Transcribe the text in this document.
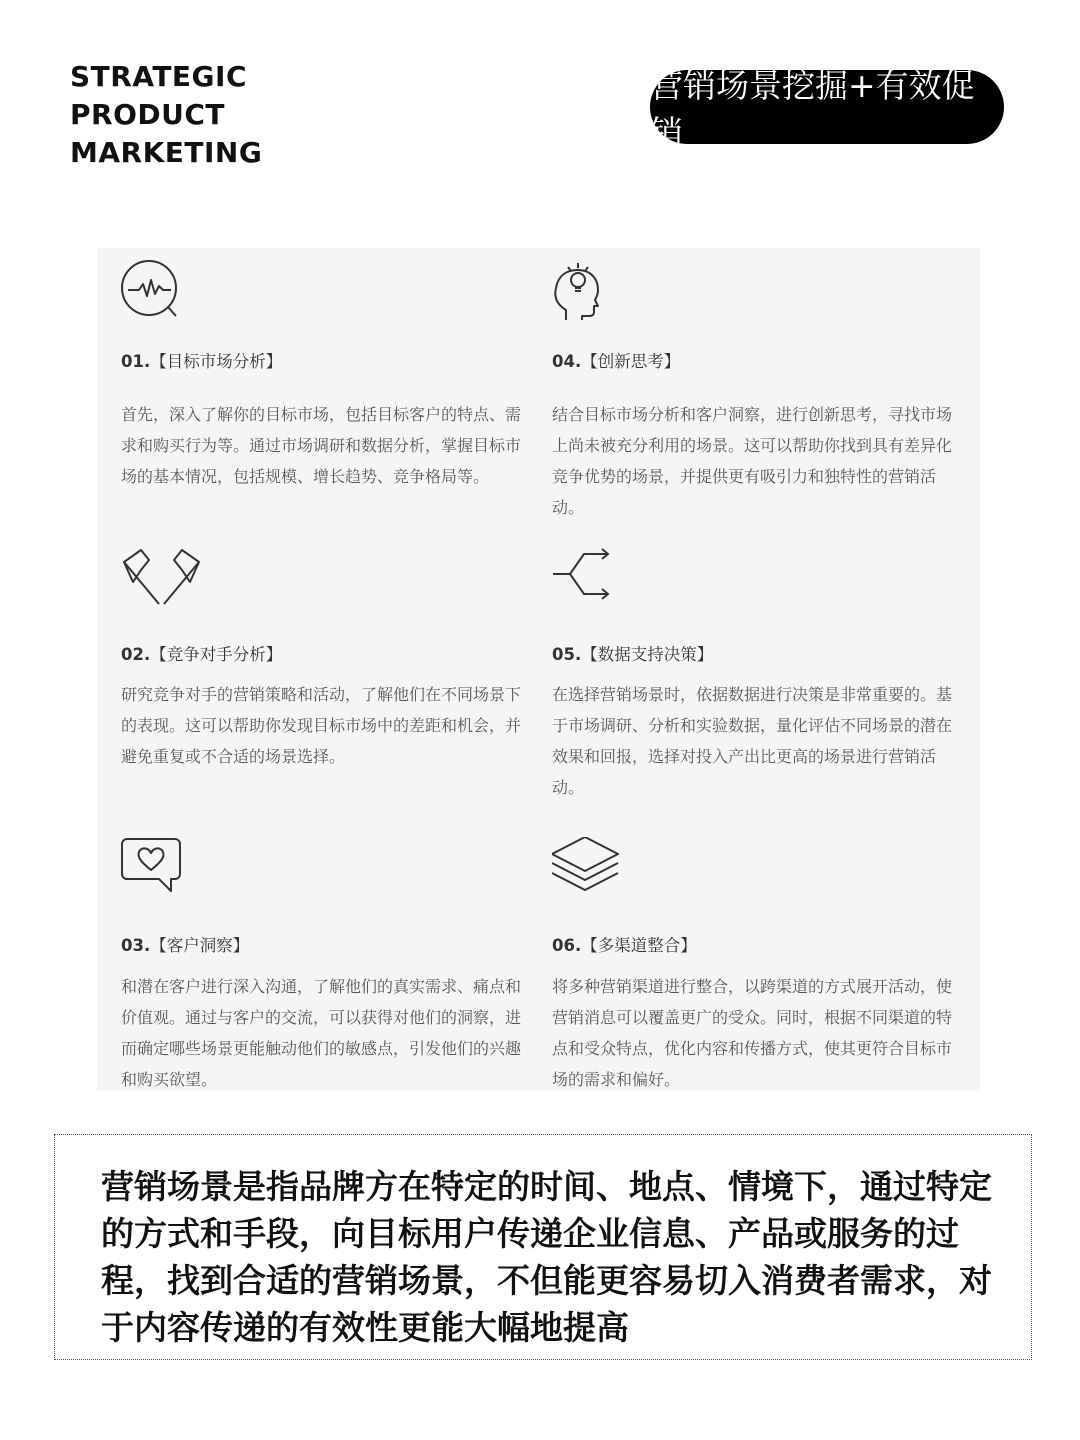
STRATEGIC
PRODUCT
MARKETING
营销场景挖掘+有效促销
01.【目标市场分析】
首先，深入了解你的目标市场，包括目标客户的特点、需求和购买行为等。通过市场调研和数据分析，掌握目标市场的基本情况，包括规模、增长趋势、竞争格局等。
02.【竞争对手分析】
研究竞争对手的营销策略和活动，了解他们在不同场景下的表现。这可以帮助你发现目标市场中的差距和机会，并避免重复或不合适的场景选择。
03.【客户洞察】
和潜在客户进行深入沟通，了解他们的真实需求、痛点和价值观。通过与客户的交流，可以获得对他们的洞察，进而确定哪些场景更能触动他们的敏感点，引发他们的兴趣和购买欲望。
04.【创新思考】
结合目标市场分析和客户洞察，进行创新思考，寻找市场上尚未被充分利用的场景。这可以帮助你找到具有差异化竞争优势的场景，并提供更有吸引力和独特性的营销活动。
05.【数据支持决策】
在选择营销场景时，依据数据进行决策是非常重要的。基于市场调研、分析和实验数据，量化评估不同场景的潜在效果和回报，选择对投入产出比更高的场景进行营销活动。
06.【多渠道整合】
将多种营销渠道进行整合，以跨渠道的方式展开活动，使营销消息可以覆盖更广的受众。同时，根据不同渠道的特点和受众特点，优化内容和传播方式，使其更符合目标市场的需求和偏好。
营销场景是指品牌方在特定的时间、地点、情境下，通过特定的方式和手段，向目标用户传递企业信息、产品或服务的过程，找到合适的营销场景，不但能更容易切入消费者需求，对于内容传递的有效性更能大幅地提高
